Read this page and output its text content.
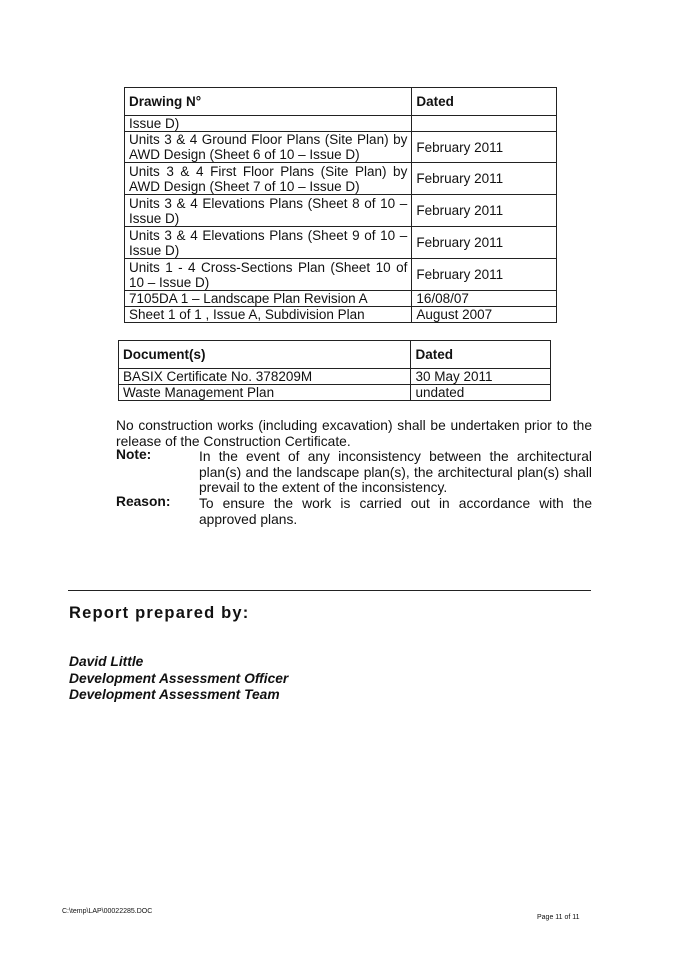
Drawing N°	Dated
Issue D)	
Units 3 & 4 Ground Floor Plans (Site Plan) by AWD Design (Sheet 6 of 10 – Issue D)	February 2011
Units 3 & 4 First Floor Plans (Site Plan) by AWD Design (Sheet 7 of 10 – Issue D)	February 2011
Units 3 & 4 Elevations Plans (Sheet 8 of 10 – Issue D)	February 2011
Units 3 & 4 Elevations Plans (Sheet 9 of 10 – Issue D)	February 2011
Units 1 - 4 Cross-Sections Plan (Sheet 10 of 10 – Issue D)	February 2011
7105DA 1 – Landscape Plan Revision A	16/08/07
Sheet 1 of 1 , Issue A, Subdivision Plan	August 2007
Document(s)	Dated
BASIX Certificate No. 378209M	30 May 2011
Waste Management Plan	undated
No construction works (including excavation) shall be undertaken prior to the release of the Construction Certificate.
Note:	In the event of any inconsistency between the architectural plan(s) and the landscape plan(s), the architectural plan(s) shall prevail to the extent of the inconsistency.
Reason: To ensure the work is carried out in accordance with the approved plans.
Report prepared by:
David Little
Development Assessment Officer
Development Assessment Team
C:\temp\LAP\00022285.DOC
Page 11 of 11
